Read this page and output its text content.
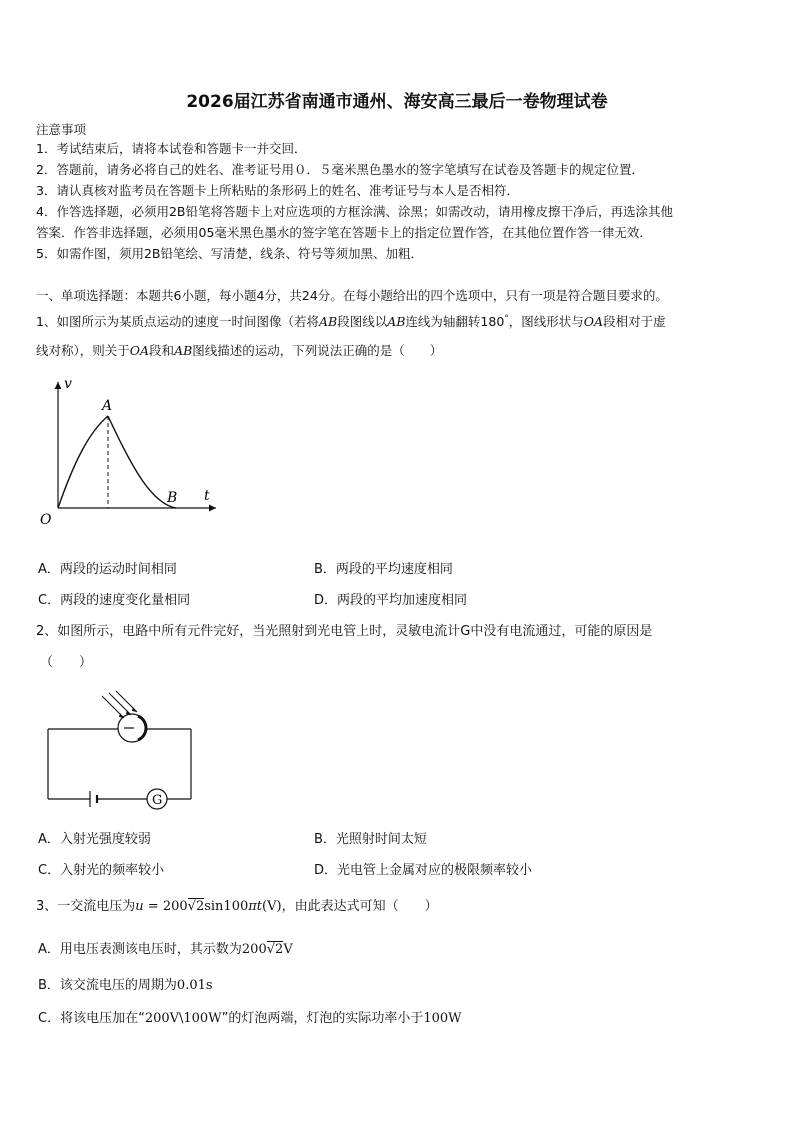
2026届江苏省南通市通州、海安高三最后一卷物理试卷
注意事项
1．考试结束后，请将本试卷和答题卡一并交回．
2．答题前，请务必将自己的姓名、准考证号用０．５毫米黑色墨水的签字笔填写在试卷及答题卡的规定位置．
3．请认真核对监考员在答题卡上所粘贴的条形码上的姓名、准考证号与本人是否相符．
4．作答选择题，必须用2B铅笔将答题卡上对应选项的方框涂满、涂黑；如需改动，请用橡皮擦干净后，再选涂其他
答案．作答非选择题，必须用05毫米黑色墨水的签字笔在答题卡上的指定位置作答，在其他位置作答一律无效．
5．如需作图，须用2B铅笔绘、写清楚，线条、符号等须加黑、加粗．
一、单项选择题：本题共6小题，每小题4分，共24分。在每小题给出的四个选项中，只有一项是符合题目要求的。
1、如图所示为某质点运动的速度一时间图像（若将AB段图线以AB连线为轴翻转180°，图线形状与OA段相对于虚
线对称），则关于OA段和AB图线描述的运动，下列说法正确的是（　　）
v
t
O
A
B
A．两段的运动时间相同	B．两段的平均速度相同
C．两段的速度变化量相同	D．两段的平均加速度相同
2、如图所示，电路中所有元件完好，当光照射到光电管上时，灵敏电流计G中没有电流通过，可能的原因是
（　　）
G
A．入射光强度较弱	B．光照射时间太短
C．入射光的频率较小	D．光电管上金属对应的极限频率较小
3、一交流电压为u = 200√2sin100πt(V)，由此表达式可知（　　）
A．用电压表测该电压时，其示数为200√2V
B．该交流电压的周期为0.01s
C．将该电压加在“200V\100W”的灯泡两端，灯泡的实际功率小于100W
